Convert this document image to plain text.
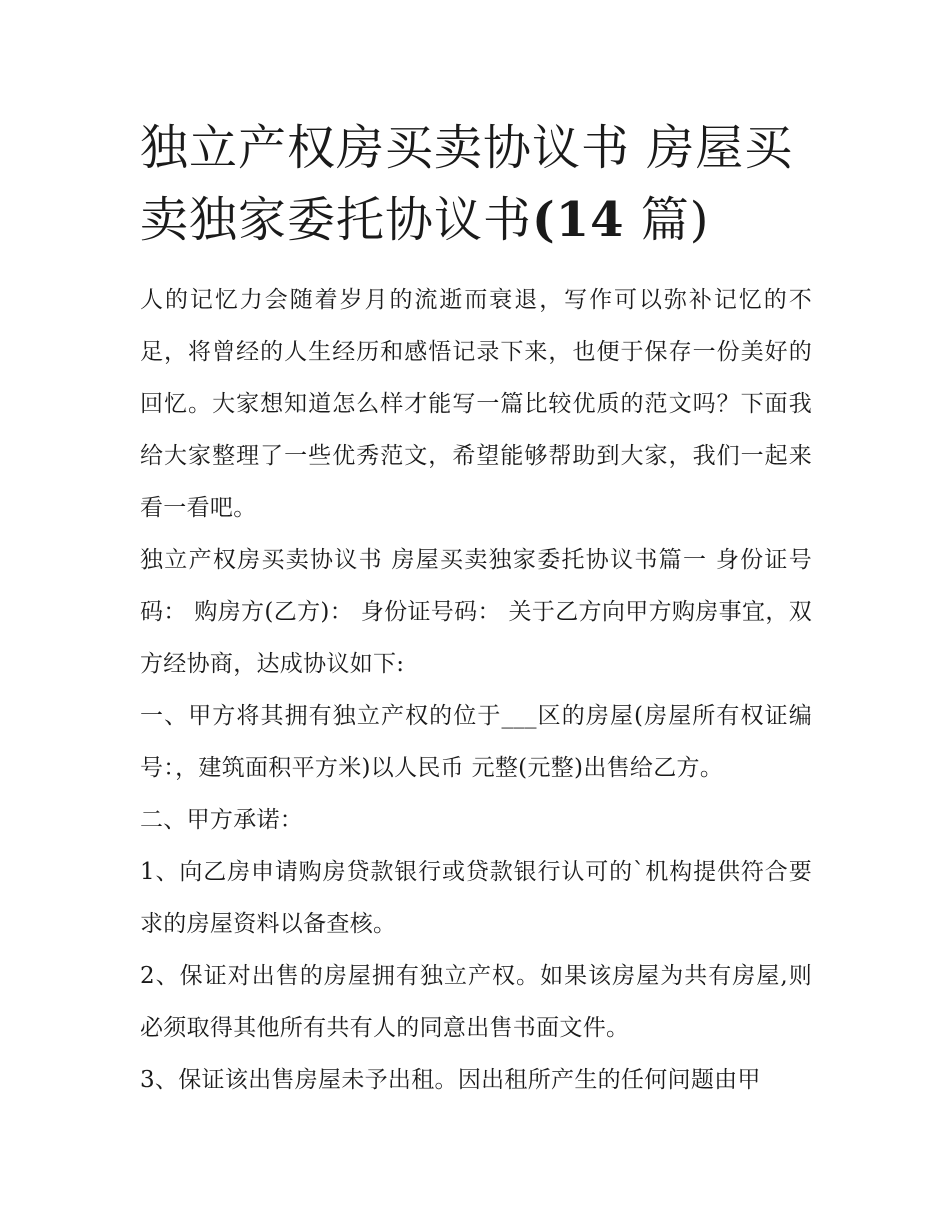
独立产权房买卖协议书 房屋买卖独家委托协议书(14 篇)

人的记忆力会随着岁月的流逝而衰退，写作可以弥补记忆的不足，将曾经的人生经历和感悟记录下来，也便于保存一份美好的回忆。大家想知道怎么样才能写一篇比较优质的范文吗？下面我给大家整理了一些优秀范文，希望能够帮助到大家，我们一起来看一看吧。

独立产权房买卖协议书 房屋买卖独家委托协议书篇一 身份证号码： 购房方(乙方)： 身份证号码： 关于乙方向甲方购房事宜，双方经协商，达成协议如下:

一、甲方将其拥有独立产权的位于___区的房屋(房屋所有权证编号：，建筑面积平方米)以人民币 元整(元整)出售给乙方。

二、甲方承诺：

1、向乙房申请购房贷款银行或贷款银行认可的`机构提供符合要求的房屋资料以备查核。

2、保证对出售的房屋拥有独立产权。如果该房屋为共有房屋,则必须取得其他所有共有人的同意出售书面文件。

3、保证该出售房屋未予出租。因出租所产生的任何问题由甲
